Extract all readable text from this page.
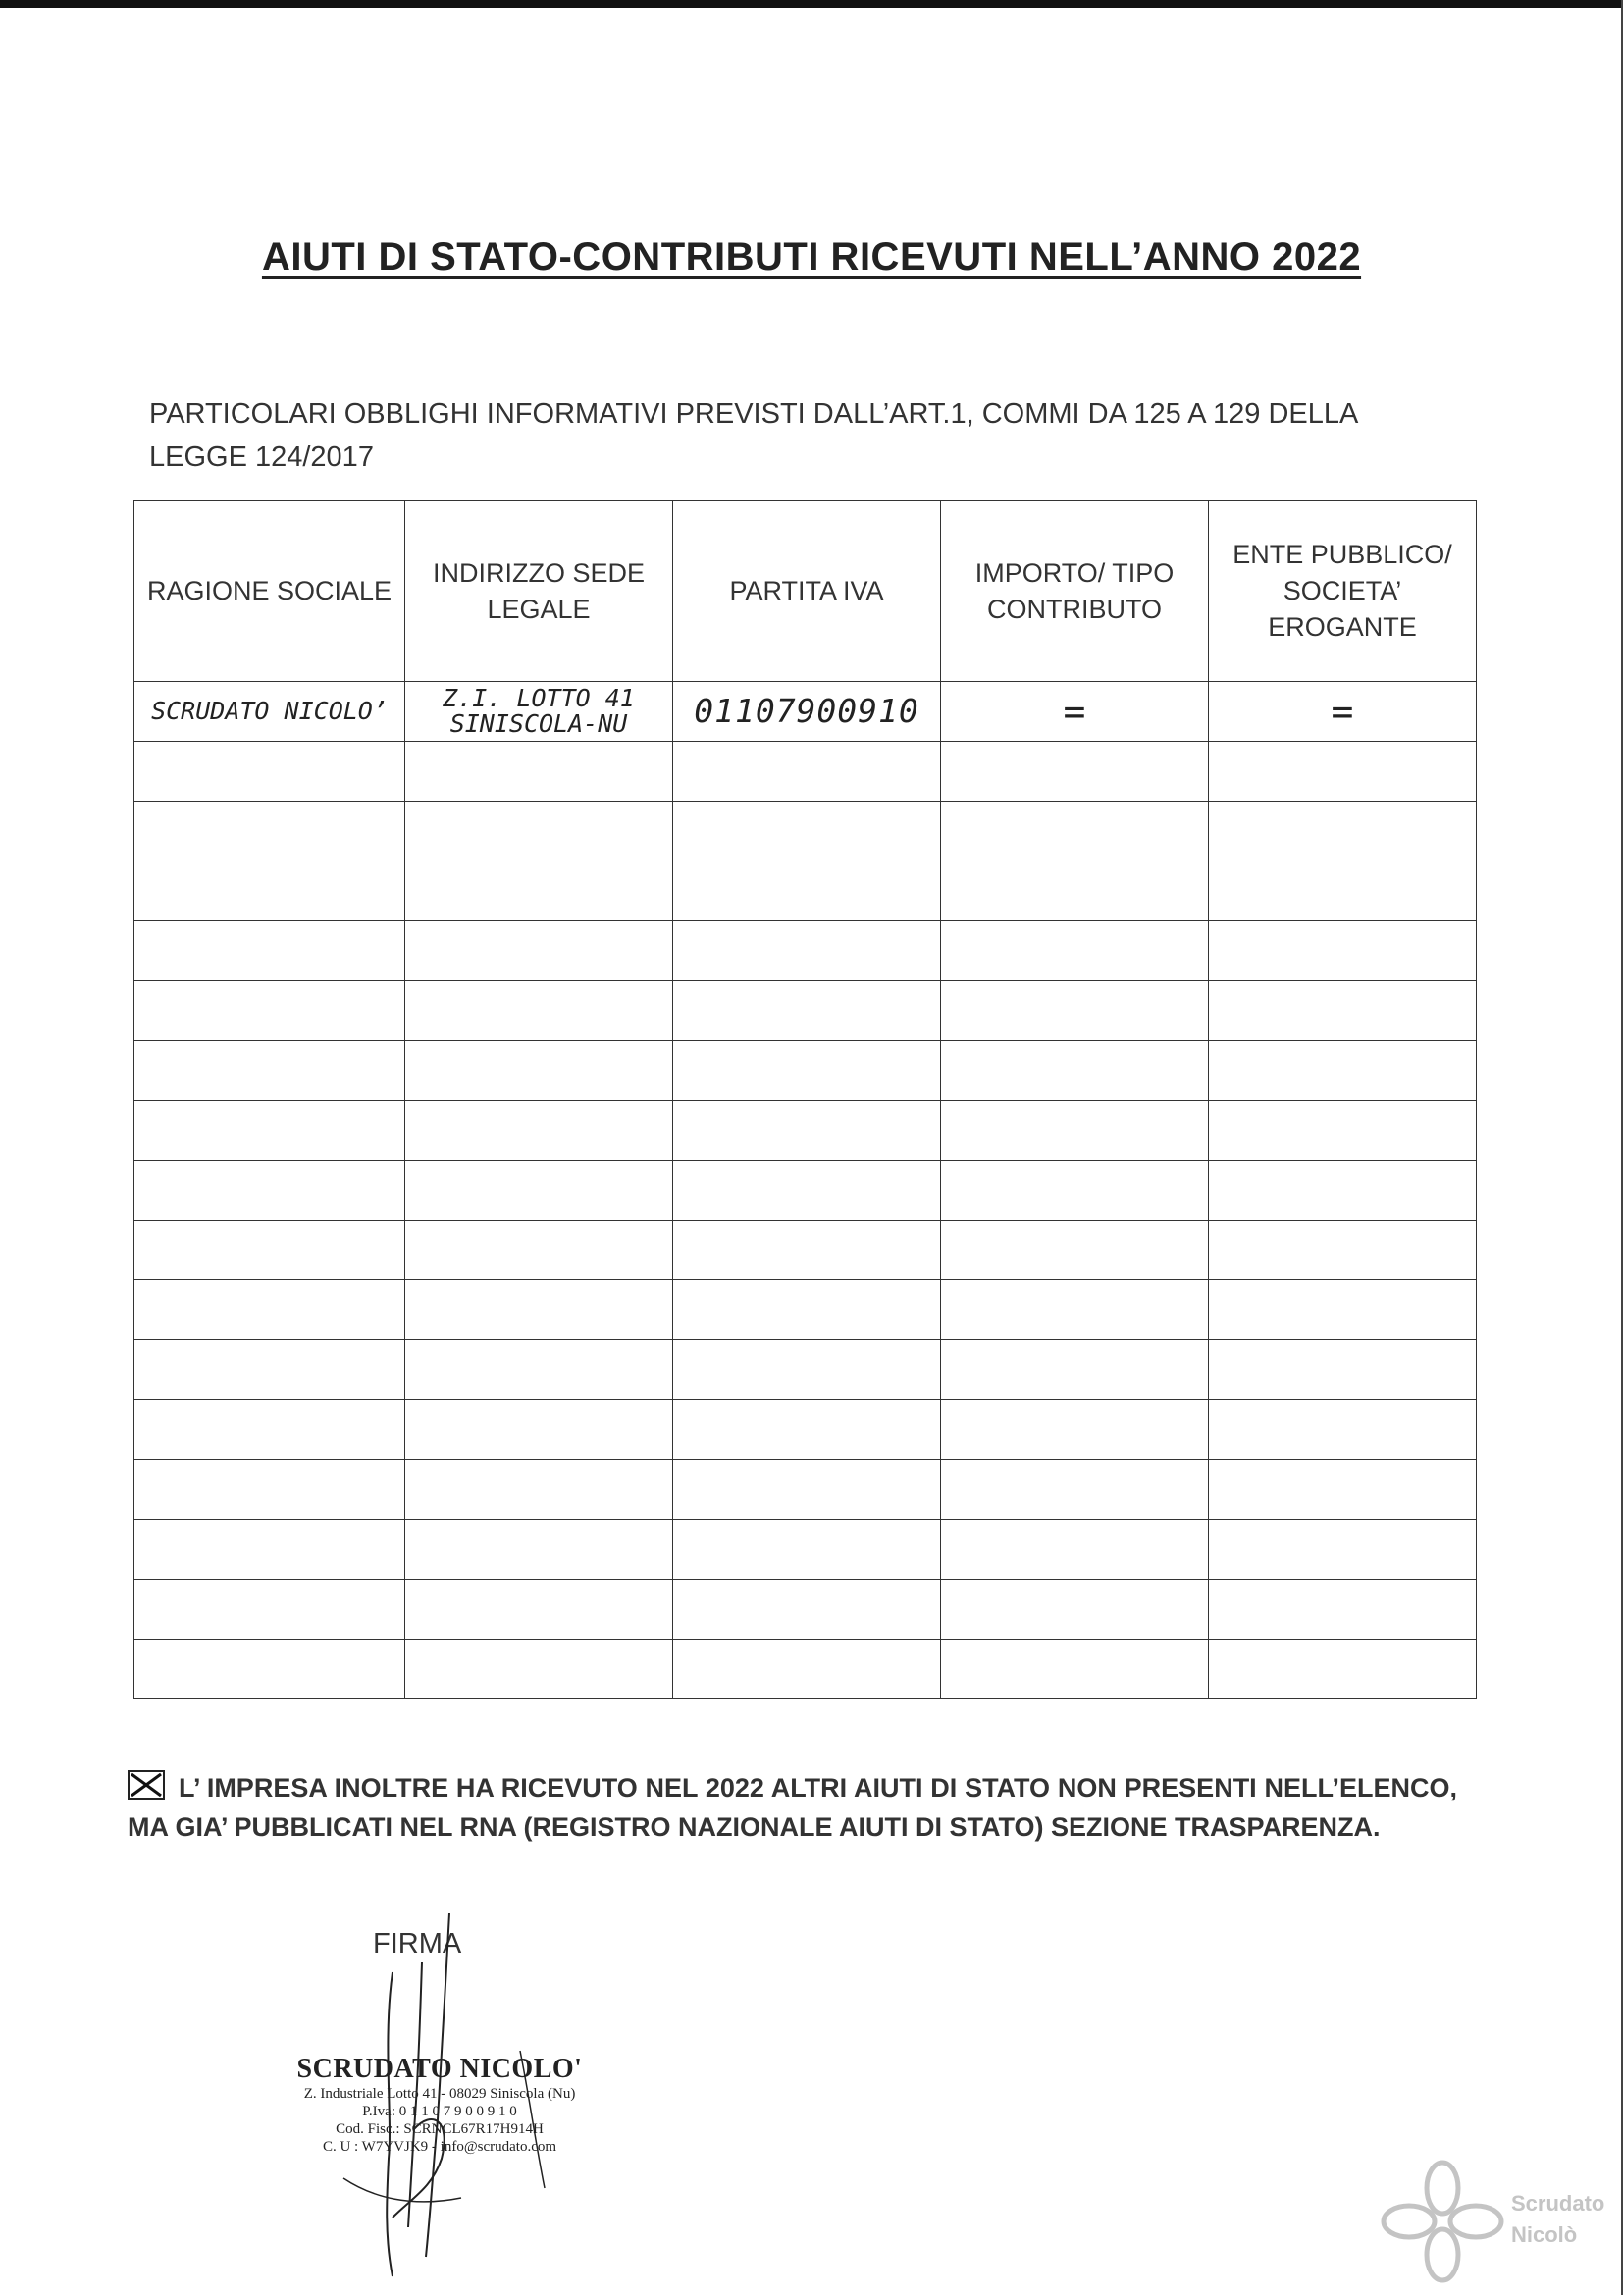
AIUTI DI STATO-CONTRIBUTI RICEVUTI NELL’ANNO 2022
PARTICOLARI OBBLIGHI INFORMATIVI PREVISTI DALL’ART.1, COMMI DA 125 A 129 DELLA LEGGE 124/2017
RAGIONE SOCIALE	INDIRIZZO SEDE LEGALE	PARTITA IVA	IMPORTO/ TIPO CONTRIBUTO	ENTE PUBBLICO/ SOCIETA’ EROGANTE
SCRUDATO NICOLO’	Z.I. LOTTO 41 SINISCOLA-NU	01107900910	=	=

L’ IMPRESA INOLTRE HA RICEVUTO NEL 2022 ALTRI AIUTI DI STATO NON PRESENTI NELL’ELENCO, MA GIA’ PUBBLICATI NEL RNA (REGISTRO NAZIONALE AIUTI DI STATO) SEZIONE TRASPARENZA.
FIRMA
SCRUDATO NICOLO'
Z. Industriale Lotto 41 - 08029 Siniscola (Nu)
P.Iva: 0 1 1 0 7 9 0 0 9 1 0
Cod. Fisc.: SCRNCL67R17H914H
C. U : W7YVJK9 - info@scrudato.com
Scrudato
Nicolò
